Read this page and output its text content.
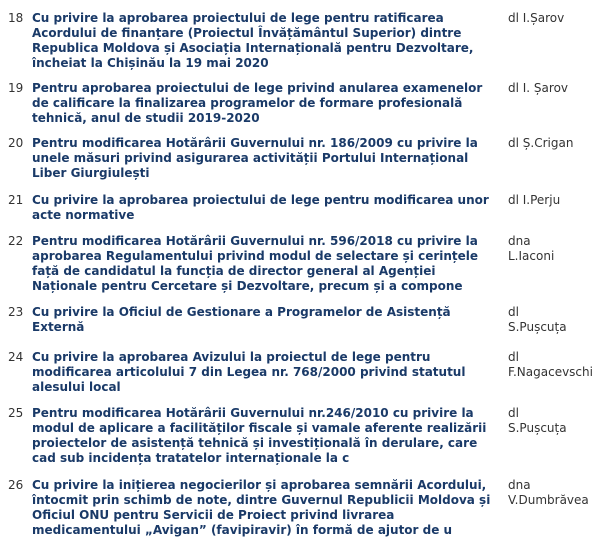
18 Cu privire la aprobarea proiectului de lege pentru ratificarea
Acordului de finanțare (Proiectul Învățământul Superior) dintre
Republica Moldova și Asociația Internațională pentru Dezvoltare,
încheiat la Chișinău la 19 mai 2020
dl I.Șarov
19 Pentru aprobarea proiectului de lege privind anularea examenelor
de calificare la finalizarea programelor de formare profesională
tehnică, anul de studii 2019-2020
dl I. Șarov
20 Pentru modificarea Hotărârii Guvernului nr. 186/2009 cu privire la
unele măsuri privind asigurarea activității Portului Internațional
Liber Giurgiulești
dl Ș.Crigan
21 Cu privire la aprobarea proiectului de lege pentru modificarea unor
acte normative
dl I.Perju
22 Pentru modificarea Hotărârii Guvernului nr. 596/2018 cu privire la
aprobarea Regulamentului privind modul de selectare și cerințele
față de candidatul la funcția de director general al Agenției
Naționale pentru Cercetare și Dezvoltare, precum și a compone
dna
L.Iaconi
23 Cu privire la Oficiul de Gestionare a Programelor de Asistență
Externă
dl
S.Pușcuța
24 Cu privire la aprobarea Avizului la proiectul de lege pentru
modificarea articolului 7 din Legea nr. 768/2000 privind statutul
alesului local
dl
F.Nagacevschi
25 Pentru modificarea Hotărârii Guvernului nr.246/2010 cu privire la
modul de aplicare a facilităților fiscale și vamale aferente realizării
proiectelor de asistență tehnică și investițională în derulare, care
cad sub incidența tratatelor internaționale la c
dl
S.Pușcuța
26 Cu privire la inițierea negocierilor și aprobarea semnării Acordului,
întocmit prin schimb de note, dintre Guvernul Republicii Moldova și
Oficiul ONU pentru Servicii de Proiect privind livrarea
medicamentului „Avigan” (favipiravir) în formă de ajutor de u
dna
V.Dumbrăvea
